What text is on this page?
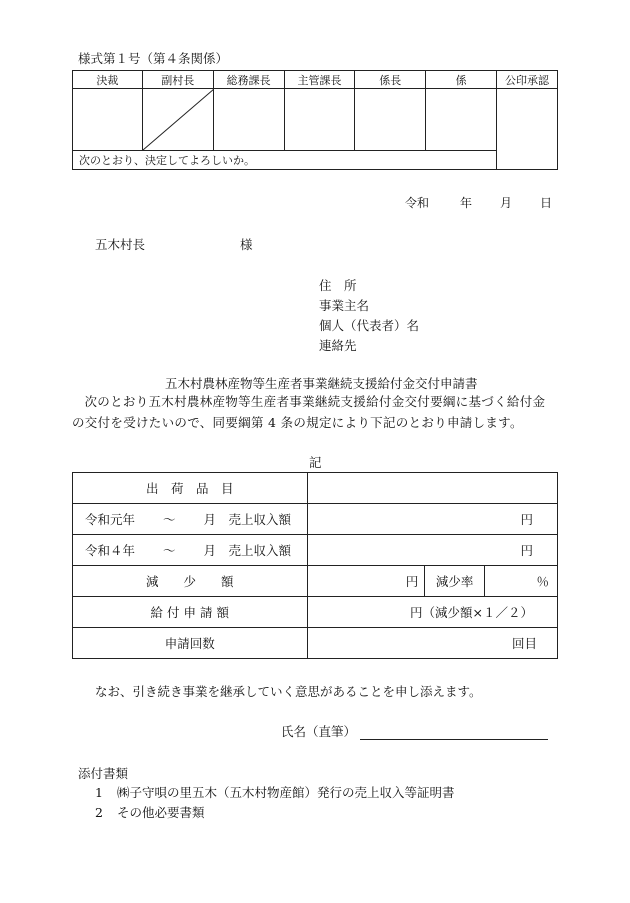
様式第１号（第４条関係）
決裁	副村長	総務課長	主管課長	係長	係	公印承認

次のとおり、決定してよろしいか。						
令和	年 月 日
五木村長	様
住　所
事業主名
個人（代表者）名
連絡先
五木村農林産物等生産者事業継続支援給付金交付申請書
次のとおり五木村農林産物等生産者事業継続支援給付金交付要綱に基づく給付金の交付を受けたいので、同要綱第 4 条の規定により下記のとおり申請します。
記
出　荷　品　目			
令和元年 ～ 月　売上収入額	円		
令和４年 ～ 月　売上収入額	円		
減　　少　　額	円	減少率	％
給 付 申 請 額	円（減少額×１／２）		
申請回数	回目		
なお、引き続き事業を継承していく意思があることを申し添えます。
氏名（直筆）
添付書類
1 ㈱子守唄の里五木（五木村物産館）発行の売上収入等証明書
2 その他必要書類
